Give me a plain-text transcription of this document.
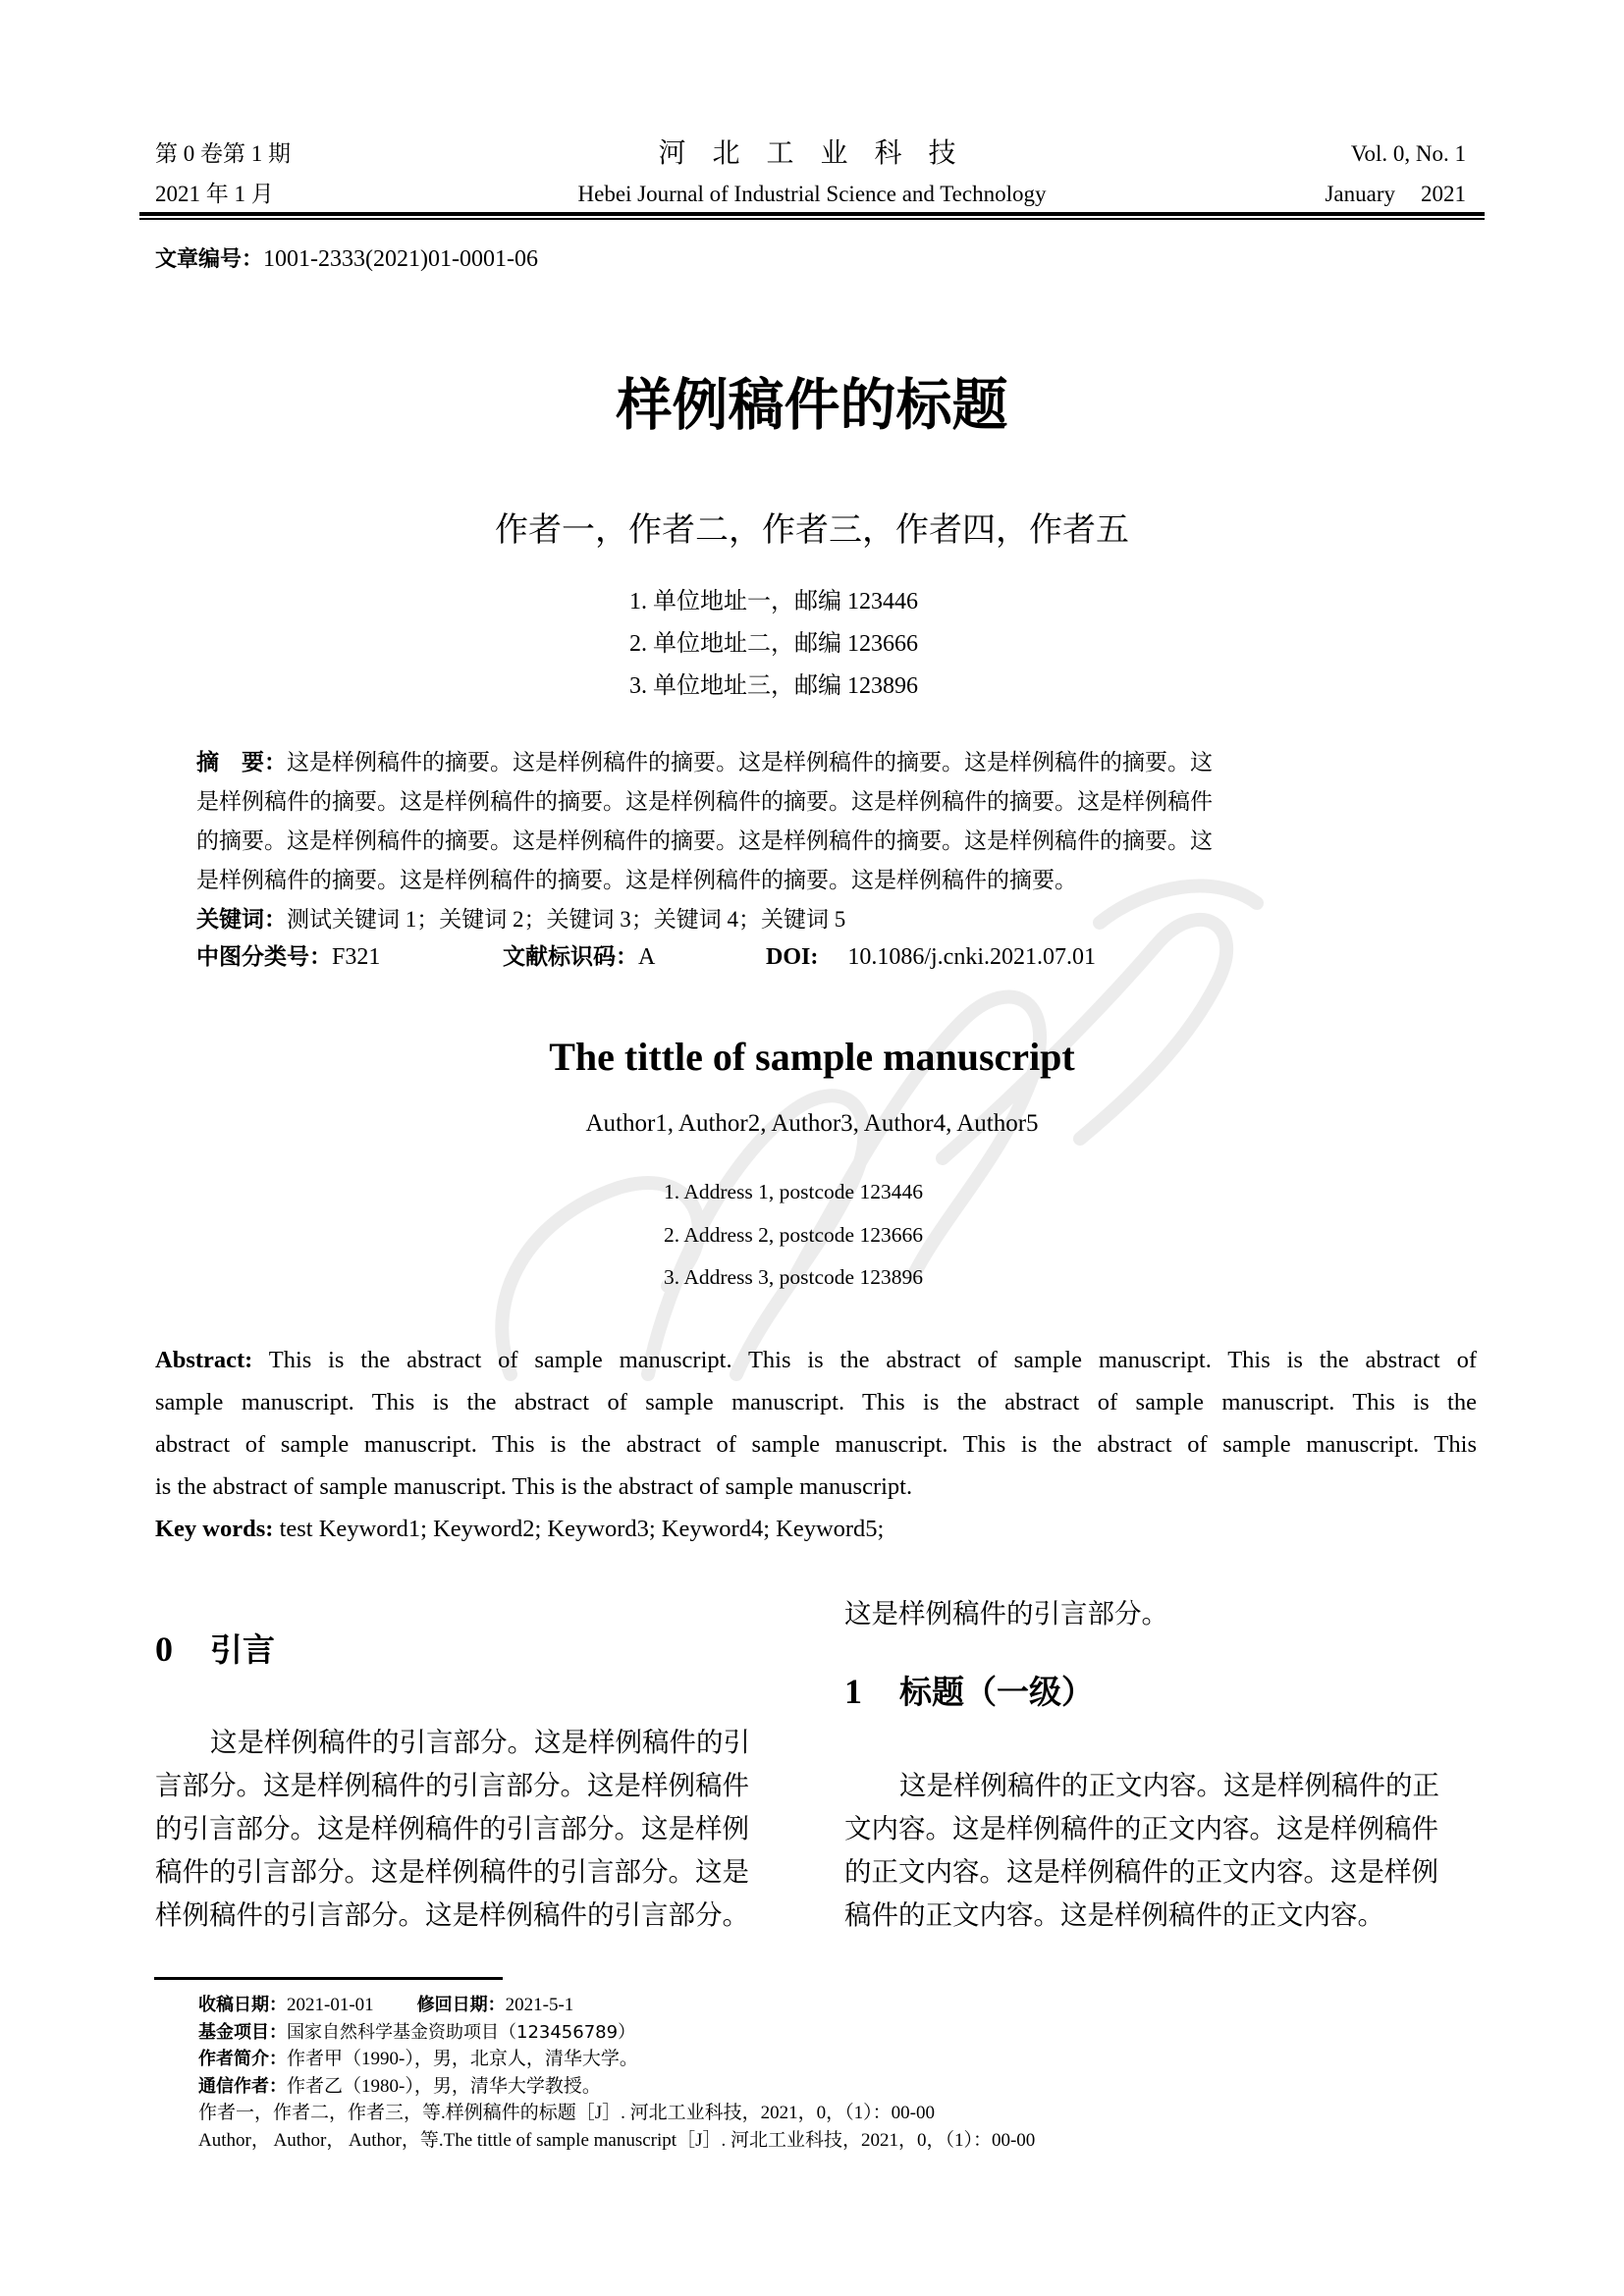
第 0 卷第 1 期
2021 年 1 月
河 北 工 业 科 技
Hebei Journal of Industrial Science and Technology
Vol. 0, No. 1
January 2021
文章编号：1001-2333(2021)01-0001-06
样例稿件的标题
作者一，作者二，作者三，作者四，作者五
1. 单位地址一，邮编 123446
2. 单位地址二，邮编 123666
3. 单位地址三，邮编 123896
摘　要：这是样例稿件的摘要。这是样例稿件的摘要。这是样例稿件的摘要。这是样例稿件的摘要。这
是样例稿件的摘要。这是样例稿件的摘要。这是样例稿件的摘要。这是样例稿件的摘要。这是样例稿件
的摘要。这是样例稿件的摘要。这是样例稿件的摘要。这是样例稿件的摘要。这是样例稿件的摘要。这
是样例稿件的摘要。这是样例稿件的摘要。这是样例稿件的摘要。这是样例稿件的摘要。
关键词：测试关键词 1；关键词 2；关键词 3；关键词 4；关键词 5
中图分类号：F321	文献标识码：A	DOI: 10.1086/j.cnki.2021.07.01
The tittle of sample manuscript
Author1, Author2, Author3, Author4, Author5
1. Address 1, postcode 123446
2. Address 2, postcode 123666
3. Address 3, postcode 123896
Abstract: This is the abstract of sample manuscript. This is the abstract of sample manuscript. This is the abstract of
sample manuscript. This is the abstract of sample manuscript. This is the abstract of sample manuscript. This is the
abstract of sample manuscript. This is the abstract of sample manuscript. This is the abstract of sample manuscript. This
is the abstract of sample manuscript. This is the abstract of sample manuscript.
Key words: test Keyword1; Keyword2; Keyword3; Keyword4; Keyword5;
0 引言
这是样例稿件的引言部分。这是样例稿件的引
言部分。这是样例稿件的引言部分。这是样例稿件
的引言部分。这是样例稿件的引言部分。这是样例
稿件的引言部分。这是样例稿件的引言部分。这是
样例稿件的引言部分。这是样例稿件的引言部分。
这是样例稿件的引言部分。
1 标题（一级）
这是样例稿件的正文内容。这是样例稿件的正
文内容。这是样例稿件的正文内容。这是样例稿件
的正文内容。这是样例稿件的正文内容。这是样例
稿件的正文内容。这是样例稿件的正文内容。
收稿日期：2021-01-01 修回日期：2021-5-1
基金项目：国家自然科学基金资助项目（123456789）
作者简介：作者甲（1990-），男，北京人，清华大学。
通信作者：作者乙（1980-），男，清华大学教授。
作者一，作者二，作者三，等.样例稿件的标题［J］. 河北工业科技，2021，0，（1）：00-00
Author， Author， Author，等.The tittle of sample manuscript［J］. 河北工业科技，2021，0，（1）：00-00
